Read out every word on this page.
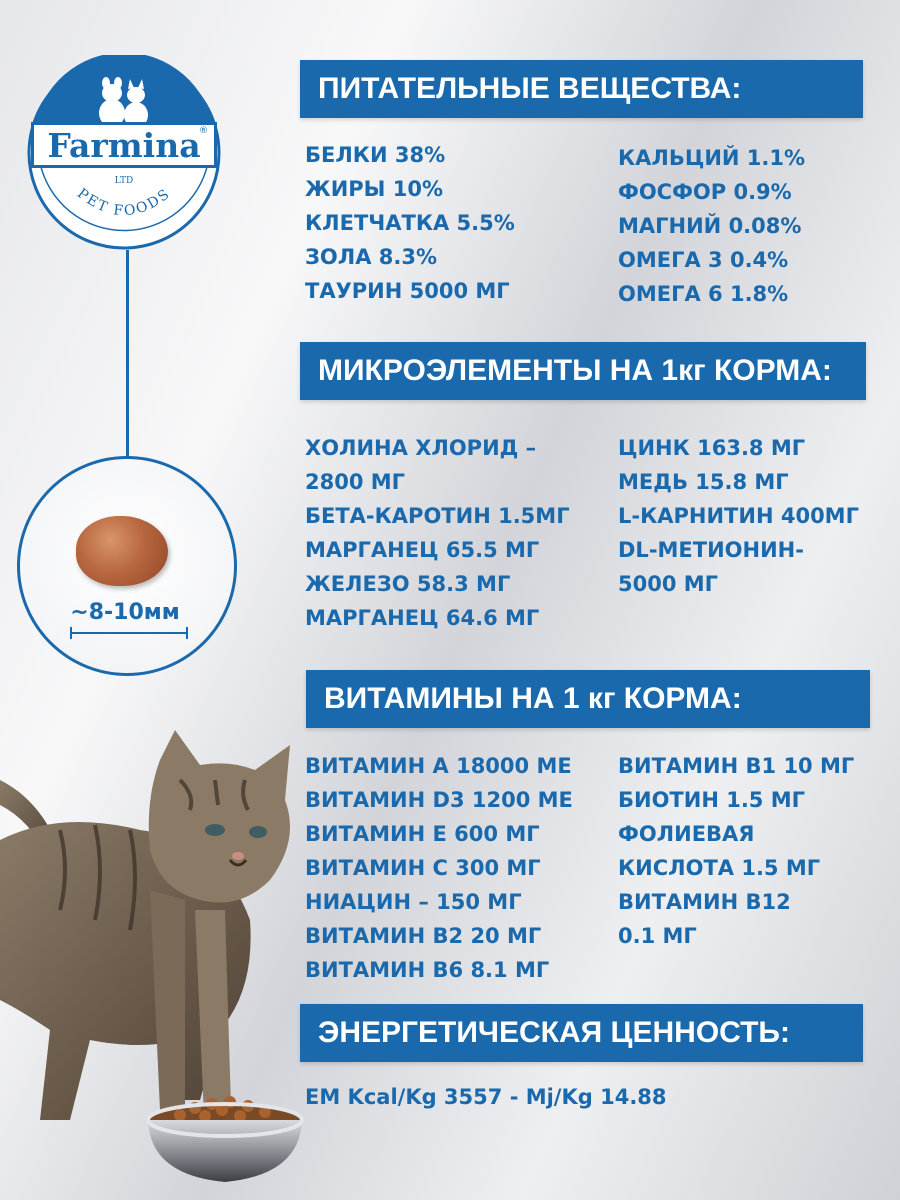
LTD
PET FOODS
Farmina
®
~8-10мм
ПИТАТЕЛЬНЫЕ ВЕЩЕСТВА:
БЕЛКИ 38%
ЖИРЫ 10%
КЛЕТЧАТКА 5.5%
ЗОЛА 8.3%
ТАУРИН 5000 МГ
КАЛЬЦИЙ 1.1%
ФОСФОР 0.9%
МАГНИЙ 0.08%
ОМЕГА 3 0.4%
ОМЕГА 6 1.8%
МИКРОЭЛЕМЕНТЫ НА 1кг КОРМА:
ХОЛИНА ХЛОРИД –
2800 МГ
БЕТА-КАРОТИН 1.5МГ
МАРГАНЕЦ 65.5 МГ
ЖЕЛЕЗО 58.3 МГ
МАРГАНЕЦ 64.6 МГ
ЦИНК 163.8 МГ
МЕДЬ 15.8 МГ
L-КАРНИТИН 400МГ
DL-МЕТИОНИН-
5000 МГ
ВИТАМИНЫ НА 1 кг КОРМА:
ВИТАМИН A 18000 МЕ
ВИТАМИН D3 1200 МЕ
ВИТАМИН E 600 МГ
ВИТАМИН C 300 МГ
НИАЦИН – 150 МГ
ВИТАМИН B2 20 МГ
ВИТАМИН B6 8.1 МГ
ВИТАМИН B1 10 МГ
БИОТИН 1.5 МГ
ФОЛИЕВАЯ
КИСЛОТА 1.5 МГ
ВИТАМИН B12
0.1 МГ
ЭНЕРГЕТИЧЕСКАЯ ЦЕННОСТЬ:
EM Kcal/Kg 3557 - Mj/Kg 14.88
